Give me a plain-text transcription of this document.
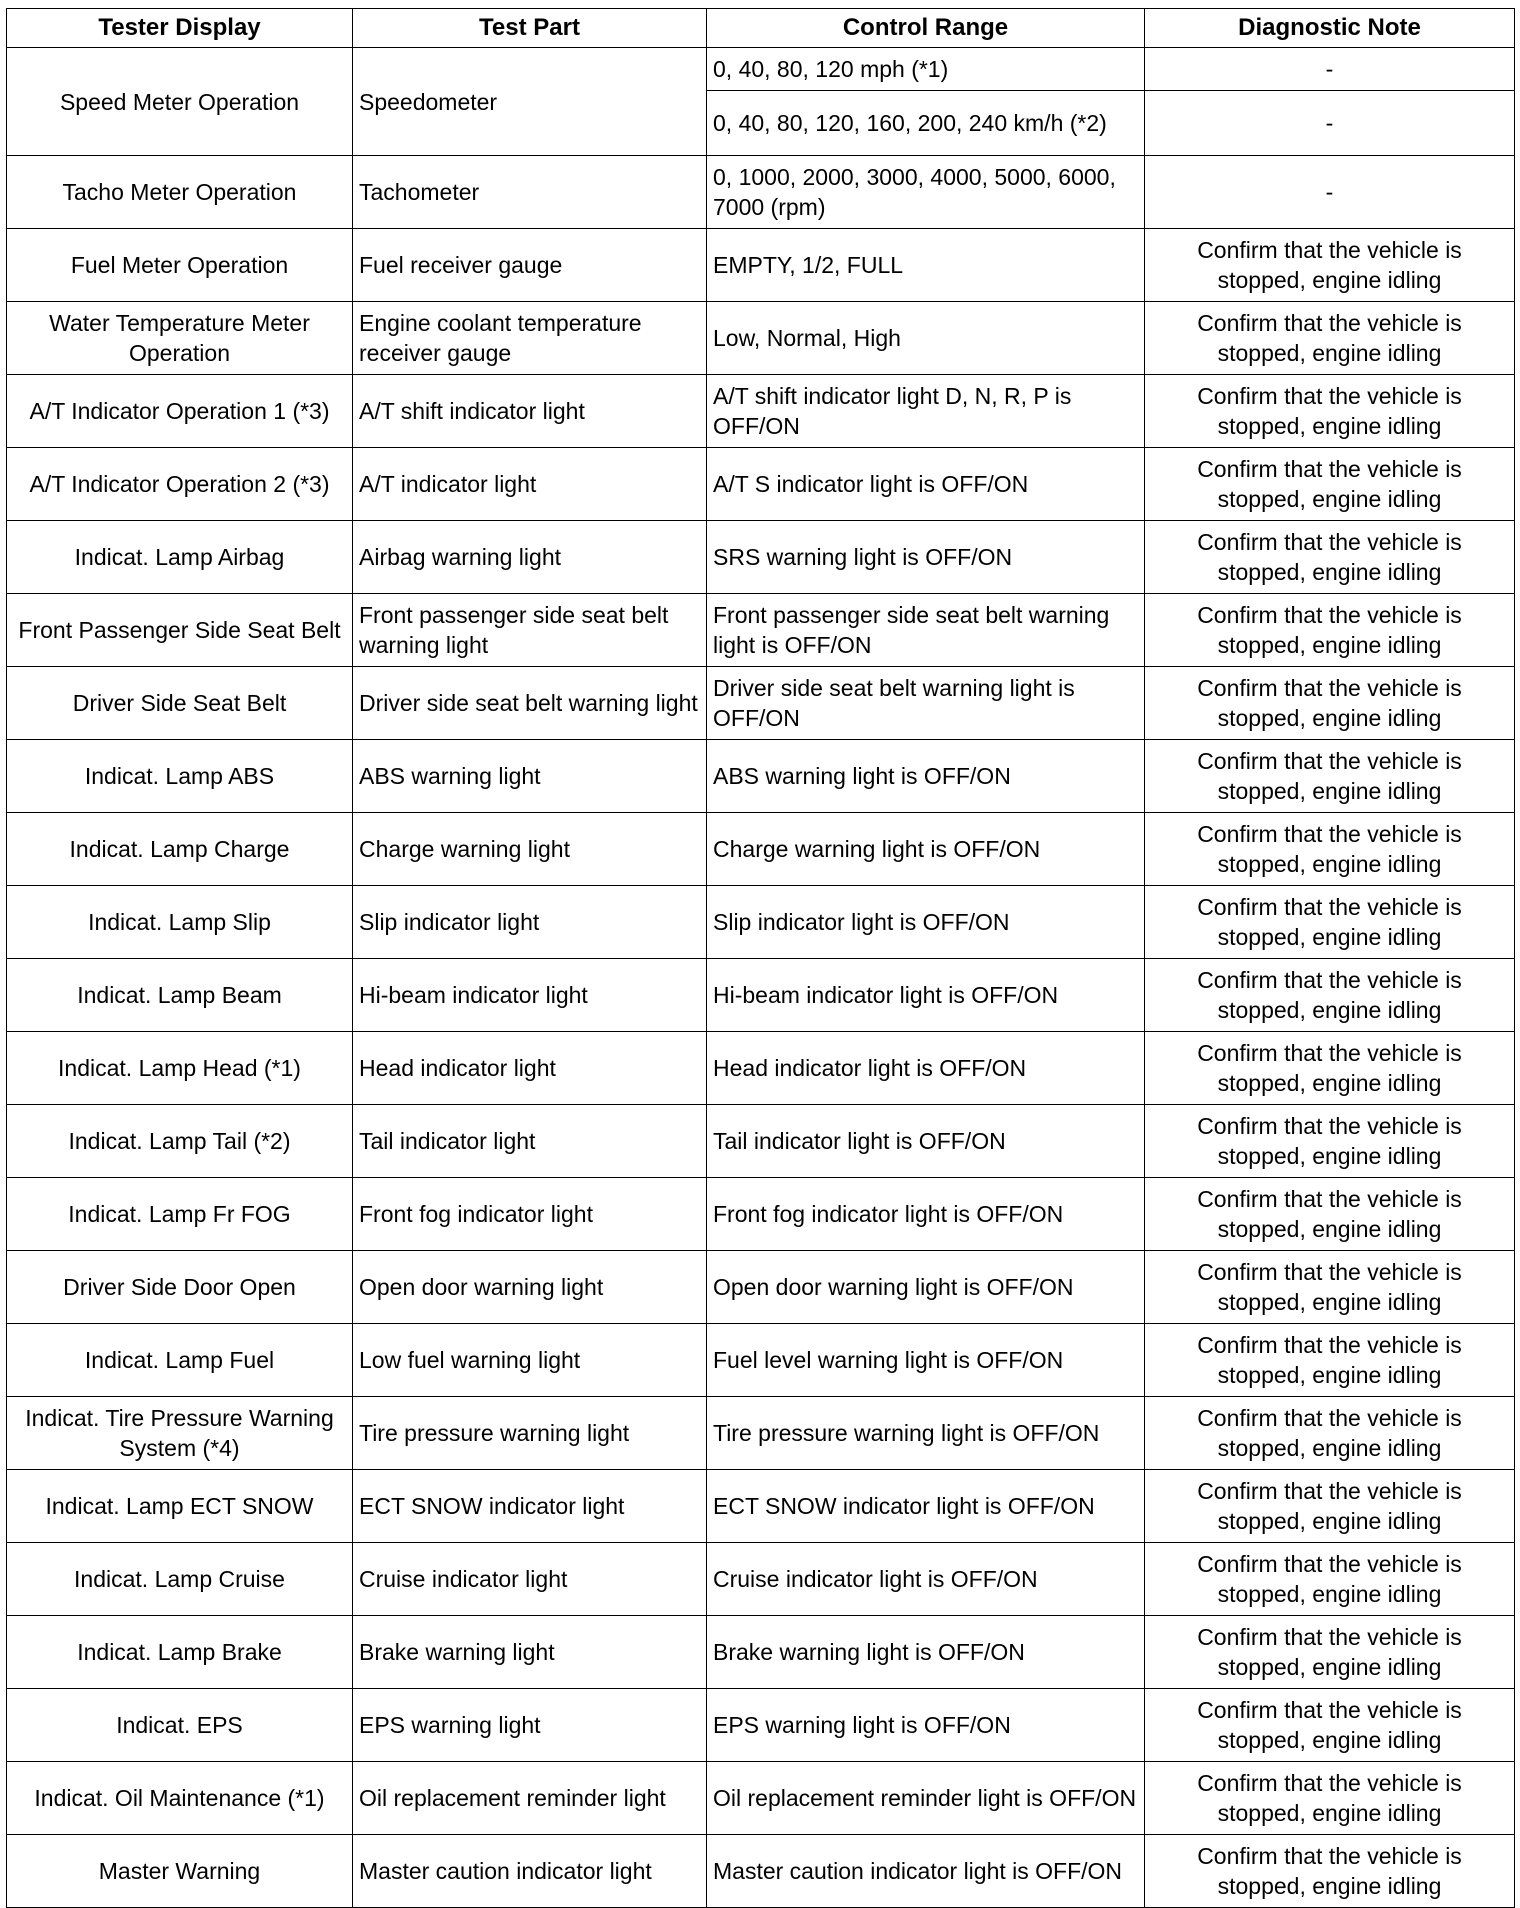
Tester Display	Test Part	Control Range	Diagnostic Note
Speed Meter Operation	Speedometer	0, 40, 80, 120 mph (*1)	-
		0, 40, 80, 120, 160, 200, 240 km/h (*2)	-
Tacho Meter Operation	Tachometer	0, 1000, 2000, 3000, 4000, 5000, 6000, 7000 (rpm)	-
Fuel Meter Operation	Fuel receiver gauge	EMPTY, 1/2, FULL	Confirm that the vehicle is stopped, engine idling
Water Temperature Meter Operation	Engine coolant temperature receiver gauge	Low, Normal, High	Confirm that the vehicle is stopped, engine idling
A/T Indicator Operation 1 (*3)	A/T shift indicator light	A/T shift indicator light D, N, R, P is OFF/ON	Confirm that the vehicle is stopped, engine idling
A/T Indicator Operation 2 (*3)	A/T indicator light	A/T S indicator light is OFF/ON	Confirm that the vehicle is stopped, engine idling
Indicat. Lamp Airbag	Airbag warning light	SRS warning light is OFF/ON	Confirm that the vehicle is stopped, engine idling
Front Passenger Side Seat Belt	Front passenger side seat belt warning light	Front passenger side seat belt warning light is OFF/ON	Confirm that the vehicle is stopped, engine idling
Driver Side Seat Belt	Driver side seat belt warning light	Driver side seat belt warning light is OFF/ON	Confirm that the vehicle is stopped, engine idling
Indicat. Lamp ABS	ABS warning light	ABS warning light is OFF/ON	Confirm that the vehicle is stopped, engine idling
Indicat. Lamp Charge	Charge warning light	Charge warning light is OFF/ON	Confirm that the vehicle is stopped, engine idling
Indicat. Lamp Slip	Slip indicator light	Slip indicator light is OFF/ON	Confirm that the vehicle is stopped, engine idling
Indicat. Lamp Beam	Hi-beam indicator light	Hi-beam indicator light is OFF/ON	Confirm that the vehicle is stopped, engine idling
Indicat. Lamp Head (*1)	Head indicator light	Head indicator light is OFF/ON	Confirm that the vehicle is stopped, engine idling
Indicat. Lamp Tail (*2)	Tail indicator light	Tail indicator light is OFF/ON	Confirm that the vehicle is stopped, engine idling
Indicat. Lamp Fr FOG	Front fog indicator light	Front fog indicator light is OFF/ON	Confirm that the vehicle is stopped, engine idling
Driver Side Door Open	Open door warning light	Open door warning light is OFF/ON	Confirm that the vehicle is stopped, engine idling
Indicat. Lamp Fuel	Low fuel warning light	Fuel level warning light is OFF/ON	Confirm that the vehicle is stopped, engine idling
Indicat. Tire Pressure Warning System (*4)	Tire pressure warning light	Tire pressure warning light is OFF/ON	Confirm that the vehicle is stopped, engine idling
Indicat. Lamp ECT SNOW	ECT SNOW indicator light	ECT SNOW indicator light is OFF/ON	Confirm that the vehicle is stopped, engine idling
Indicat. Lamp Cruise	Cruise indicator light	Cruise indicator light is OFF/ON	Confirm that the vehicle is stopped, engine idling
Indicat. Lamp Brake	Brake warning light	Brake warning light is OFF/ON	Confirm that the vehicle is stopped, engine idling
Indicat. EPS	EPS warning light	EPS warning light is OFF/ON	Confirm that the vehicle is stopped, engine idling
Indicat. Oil Maintenance (*1)	Oil replacement reminder light	Oil replacement reminder light is OFF/ON	Confirm that the vehicle is stopped, engine idling
Master Warning	Master caution indicator light	Master caution indicator light is OFF/ON	Confirm that the vehicle is stopped, engine idling
